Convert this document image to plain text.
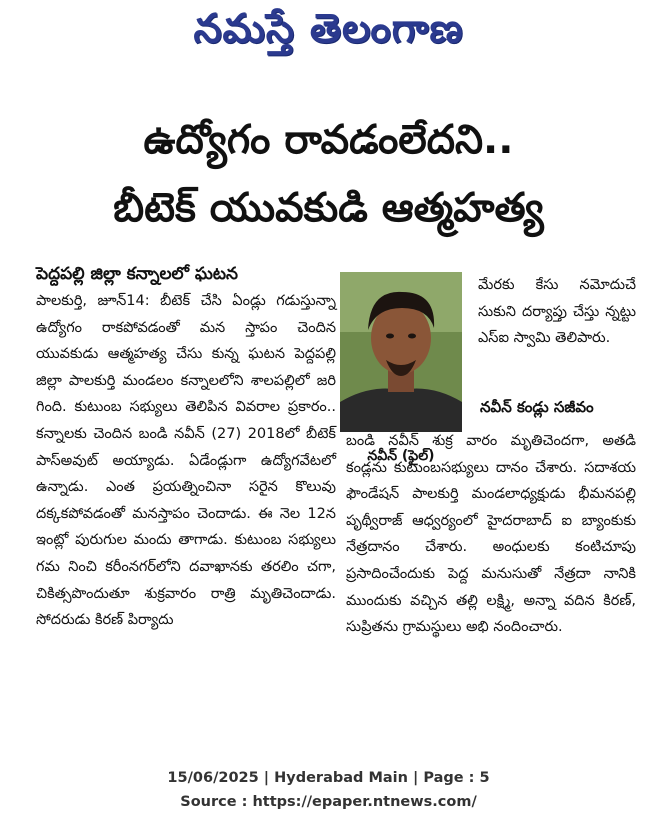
నమస్తే తెలంగాణ
ఉద్యోగం రావడంలేదని..
బీటెక్ యువకుడి ఆత్మహత్య
పెద్దపల్లి జిల్లా కన్నాలలో ఘటన

పాలకుర్తి, జూన్14: బీటెక్ చేసి ఏండ్లు గడుస్తున్నా ఉద్యోగం రాకపోవడంతో మన స్తాపం చెందిన యువకుడు ఆత్మహత్య చేసు కున్న ఘటన పెద్దపల్లి జిల్లా పాలకుర్తి మండలం కన్నాలలోని శాలపల్లిలో జరి గింది. కుటుంబ సభ్యులు తెలిపిన వివరాల ప్రకారం.. కన్నాలకు చెందిన బండి నవీన్ (27) 2018లో బీటెక్ పాస్‌అవుట్ అయ్యాడు. ఏడేండ్లుగా ఉద్యోగవేటలో ఉన్నాడు. ఎంత ప్రయత్నించినా సరైన కొలువు దక్కకపోవడంతో మనస్తాపం చెందాడు. ఈ నెల 12న ఇంట్లో పురుగుల మందు తాగాడు. కుటుంబ సభ్యులు గమ నించి కరీంనగర్‌లోని దవాఖానకు తరలిం చగా, చికిత్సపొందుతూ శుక్రవారం రాత్రి మృతిచెందాడు. సోదరుడు కిరణ్ పిర్యాదు

నవీన్ (ఫైల్)

మేరకు కేసు నమోదుచే సుకుని దర్యాప్తు చేస్తు న్నట్టు ఎస్ఐ స్వామి తెలిపారు.

నవీన్ కండ్లు సజీవం

బండి నవీన్ శుక్ర వారం మృతిచెందగా, అతడి కండ్లను కుటుంబసభ్యులు దానం చేశారు. సదాశయ ఫౌండేషన్ పాలకుర్తి మండలాధ్యక్షుడు భీమనపల్లి పృథ్వీరాజ్ ఆధ్వర్యంలో హైదరాబాద్ ఐ బ్యాంకుకు నేత్రదానం చేశారు. అంధులకు కంటిచూపు ప్రసాదించేందుకు పెద్ద మనుసుతో నేత్రదా నానికి ముందుకు వచ్చిన తల్లి లక్ష్మి, అన్నా వదిన కిరణ్, సుప్రితను గ్రామస్థులు అభి నందించారు.

15/06/2025 | Hyderabad Main | Page : 5
Source : https://epaper.ntnews.com/
